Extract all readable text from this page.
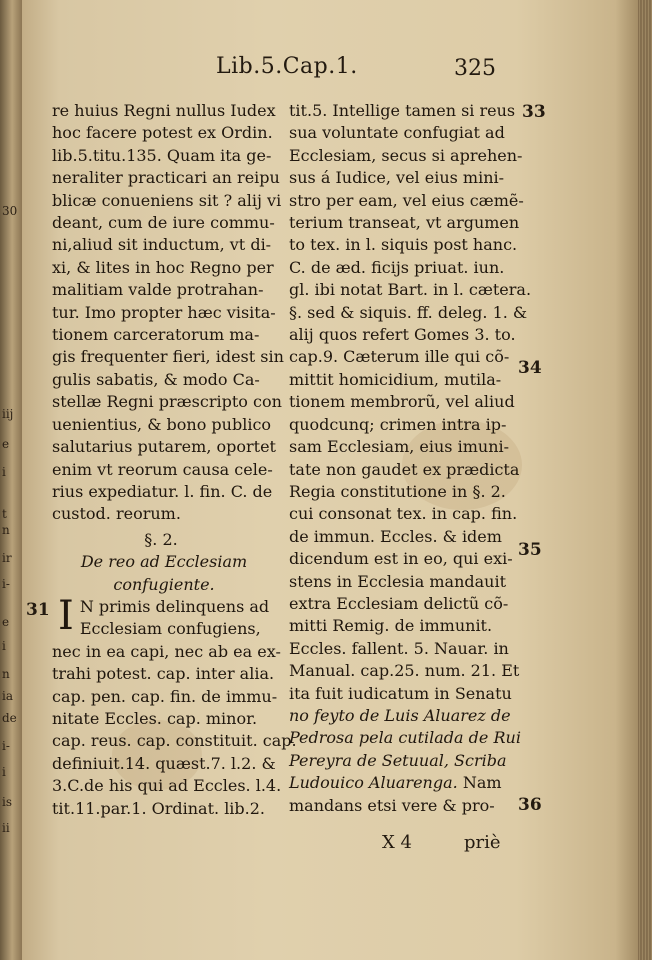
30
iij
e
i
t
n
ir
i-
e
i
n
ia
de
i-
i
is
ii
Lib.5.Cap.1.	325
re huius Regni nullus Iudex
hoc facere potest ex Ordin.
lib.5.titu.135. Quam ita ge-
neraliter practicari an reipu
blicæ conueniens sit ? alij vi
deant, cum de iure commu-
ni,aliud sit inductum, vt di-
xi, & lites in hoc Regno per
malitiam valde protrahan-
tur. Imo propter hæc visita-
tionem carceratorum ma-
gis frequenter fieri, idest sin
gulis sabatis, & modo Ca-
stellæ Regni præscripto con
uenientius, & bono publico
salutarius putarem, oportet
enim vt reorum causa cele-
rius expediatur. l. fin. C. de
custod. reorum.
§. 2.
De reo ad Ecclesiam
confugiente.
I N primis delinquens ad
Ecclesiam confugiens,
nec in ea capi, nec ab ea ex-
trahi potest. cap. inter alia.
cap. pen. cap. fin. de immu-
nitate Eccles. cap. minor.
cap. reus. cap. constituit. cap.
definiuit.14. quæst.7. l.2. &
3.C.de his qui ad Eccles. l.4.
tit.11.par.1. Ordinat. lib.2.
tit.5. Intellige tamen si reus
sua voluntate confugiat ad
Ecclesiam, secus si aprehen-
sus á Iudice, vel eius mini-
stro per eam, vel eius cæmẽ-
terium transeat, vt argumen
to tex. in l. siquis post hanc.
C. de æd. ficijs priuat. iun.
gl. ibi notat Bart. in l. cætera.
§. sed & siquis. ff. deleg. 1. &
alij quos refert Gomes 3. to.
cap.9. Cæterum ille qui cõ-
mittit homicidium, mutila-
tionem membrorũ, vel aliud
quodcunq; crimen intra ip-
sam Ecclesiam, eius imuni-
tate non gaudet ex prædicta
Regia constitutione in §. 2.
cui consonat tex. in cap. fin.
de immun. Eccles. & idem
dicendum est in eo, qui exi-
stens in Ecclesia mandauit
extra Ecclesiam delictũ cõ-
mitti Remig. de immunit.
Eccles. fallent. 5. Nauar. in
Manual. cap.25. num. 21. Et
ita fuit iudicatum in Senatu
no feyto de Luis Aluarez de
Pedrosa pela cutilada de Rui
Pereyra de Setuual, Scriba
Ludouico Aluarenga. Nam
mandans etsi vere & pro-
31
33
34
35
36
X 4	priè
